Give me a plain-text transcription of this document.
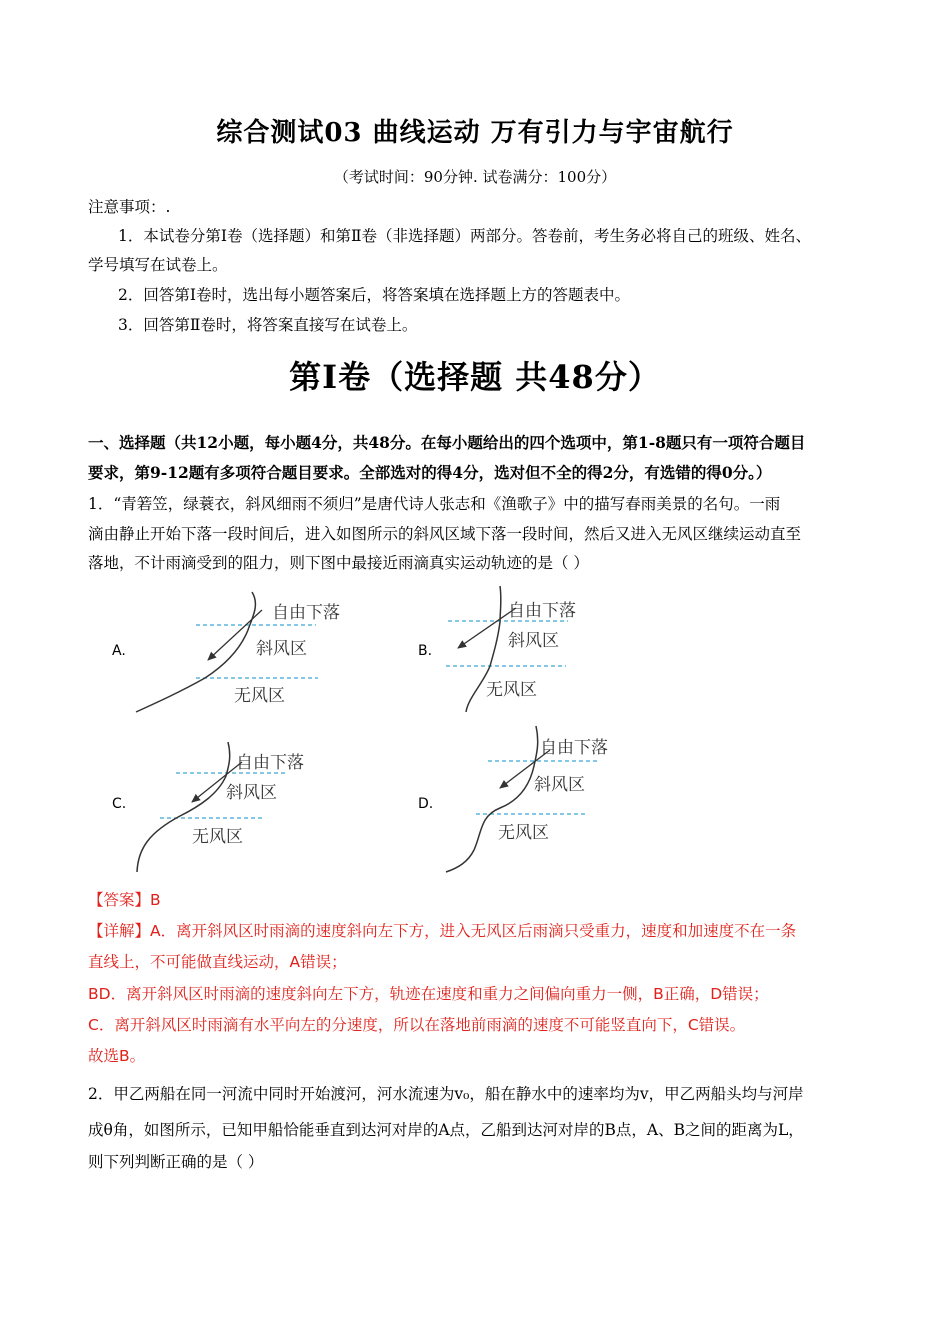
综合测试03 曲线运动 万有引力与宇宙航行
（考试时间：90分钟. 试卷满分：100分）
注意事项：.
1．本试卷分第Ⅰ卷（选择题）和第Ⅱ卷（非选择题）两部分。答卷前，考生务必将自己的班级、姓名、
学号填写在试卷上。
2．回答第Ⅰ卷时，选出每小题答案后，将答案填在选择题上方的答题表中。
3．回答第Ⅱ卷时，将答案直接写在试卷上。
第Ⅰ卷（选择题 共48分）
一、选择题（共12小题，每小题4分，共48分。在每小题给出的四个选项中，第1-8题只有一项符合题目
要求，第9-12题有多项符合题目要求。全部选对的得4分，选对但不全的得2分，有选错的得0分。）
1．“青箬笠，绿蓑衣，斜风细雨不须归”是唐代诗人张志和《渔歌子》中的描写春雨美景的名句。一雨
滴由静止开始下落一段时间后，进入如图所示的斜风区域下落一段时间，然后又进入无风区继续运动直至
落地，不计雨滴受到的阻力，则下图中最接近雨滴真实运动轨迹的是（ ）
A.
自由下落
斜风区
无风区
B.
自由下落
斜风区
无风区
C.
自由下落
斜风区
无风区
D.
自由下落
斜风区
无风区
【答案】B
【详解】A．离开斜风区时雨滴的速度斜向左下方，进入无风区后雨滴只受重力，速度和加速度不在一条
直线上，不可能做直线运动，A错误；
BD．离开斜风区时雨滴的速度斜向左下方，轨迹在速度和重力之间偏向重力一侧，B正确，D错误；
C．离开斜风区时雨滴有水平向左的分速度，所以在落地前雨滴的速度不可能竖直向下，C错误。
故选B。
2．甲乙两船在同一河流中同时开始渡河，河水流速为v₀，船在静水中的速率均为v，甲乙两船头均与河岸
成θ角，如图所示，已知甲船恰能垂直到达河对岸的A点，乙船到达河对岸的B点，A、B之间的距离为L，
则下列判断正确的是（ ）
